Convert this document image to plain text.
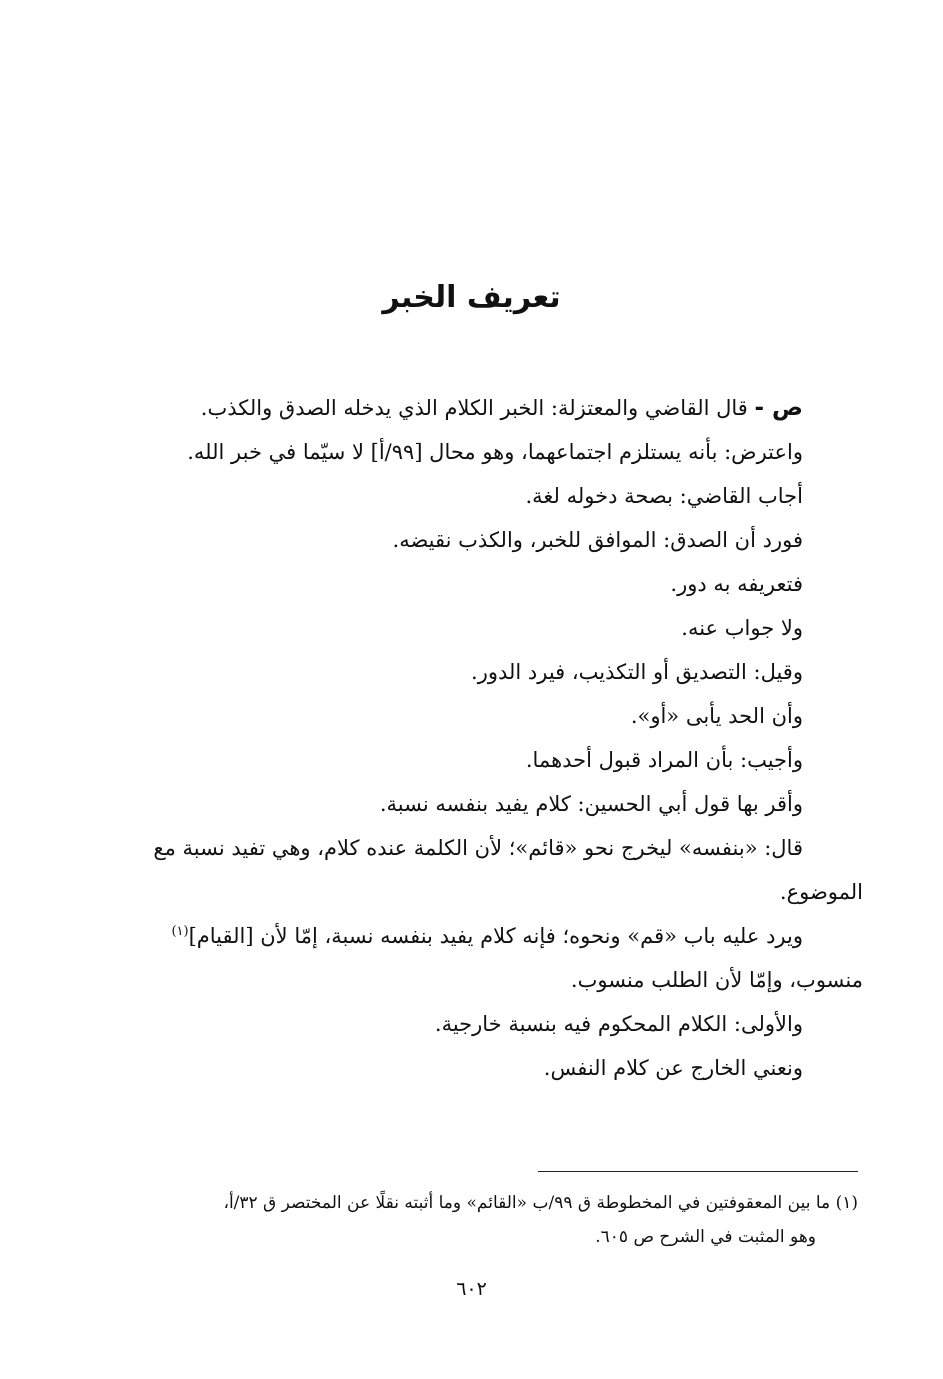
تعريف الخبر

ص - قال القاضي والمعتزلة: الخبر الكلام الذي يدخله الصدق والكذب.

واعترض: بأنه يستلزم اجتماعهما، وهو محال [٩٩/أ] لا سيّما في خبر الله.

أجاب القاضي: بصحة دخوله لغة.

فورد أن الصدق: الموافق للخبر، والكذب نقيضه.

فتعريفه به دور.

ولا جواب عنه.

وقيل: التصديق أو التكذيب، فيرد الدور.

وأن الحد يأبى «أو».

وأجيب: بأن المراد قبول أحدهما.

وأقر بها قول أبي الحسين: كلام يفيد بنفسه نسبة.

قال: «بنفسه» ليخرج نحو «قائم»؛ لأن الكلمة عنده كلام، وهي تفيد نسبة مع

الموضوع.

ويرد عليه باب «قم» ونحوه؛ فإنه كلام يفيد بنفسه نسبة، إمّا لأن [القيام]$^{(١)}$

منسوب، وإمّا لأن الطلب منسوب.

والأولى: الكلام المحكوم فيه بنسبة خارجية.

ونعني الخارج عن كلام النفس.

(١) ما بين المعقوفتين في المخطوطة ق ٩٩/ب «القائم» وما أثبته نقلًا عن المختصر ق ٣٢/أ،

وهو المثبت في الشرح ص ٦٠٥.

٦٠٢
